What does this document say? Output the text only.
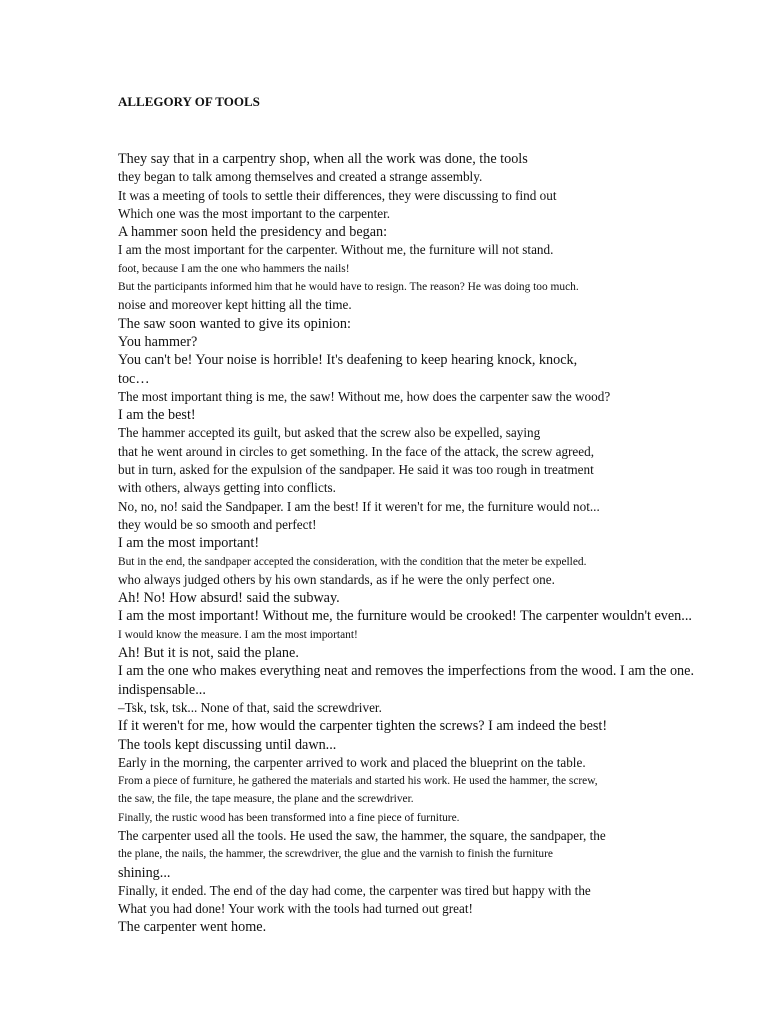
ALLEGORY OF TOOLS
They say that in a carpentry shop, when all the work was done, the tools
they began to talk among themselves and created a strange assembly.
It was a meeting of tools to settle their differences, they were discussing to find out
Which one was the most important to the carpenter.
A hammer soon held the presidency and began:
I am the most important for the carpenter. Without me, the furniture will not stand.
foot, because I am the one who hammers the nails!
But the participants informed him that he would have to resign. The reason? He was doing too much.
noise and moreover kept hitting all the time.
The saw soon wanted to give its opinion:
You hammer?
You can't be! Your noise is horrible! It's deafening to keep hearing knock, knock,
toc…
The most important thing is me, the saw! Without me, how does the carpenter saw the wood?
I am the best!
The hammer accepted its guilt, but asked that the screw also be expelled, saying
that he went around in circles to get something. In the face of the attack, the screw agreed,
but in turn, asked for the expulsion of the sandpaper. He said it was too rough in treatment
with others, always getting into conflicts.
No, no, no! said the Sandpaper. I am the best! If it weren't for me, the furniture would not...
they would be so smooth and perfect!
I am the most important!
But in the end, the sandpaper accepted the consideration, with the condition that the meter be expelled.
who always judged others by his own standards, as if he were the only perfect one.
Ah! No! How absurd! said the subway.
I am the most important! Without me, the furniture would be crooked! The carpenter wouldn't even...
I would know the measure. I am the most important!
Ah! But it is not, said the plane.
I am the one who makes everything neat and removes the imperfections from the wood. I am the one.
indispensable...
–Tsk, tsk, tsk... None of that, said the screwdriver.
If it weren't for me, how would the carpenter tighten the screws? I am indeed the best!
The tools kept discussing until dawn...
Early in the morning, the carpenter arrived to work and placed the blueprint on the table.
From a piece of furniture, he gathered the materials and started his work. He used the hammer, the screw,
the saw, the file, the tape measure, the plane and the screwdriver.
Finally, the rustic wood has been transformed into a fine piece of furniture.
The carpenter used all the tools. He used the saw, the hammer, the square, the sandpaper, the
the plane, the nails, the hammer, the screwdriver, the glue and the varnish to finish the furniture
shining...
Finally, it ended. The end of the day had come, the carpenter was tired but happy with the
What you had done! Your work with the tools had turned out great!
The carpenter went home.
